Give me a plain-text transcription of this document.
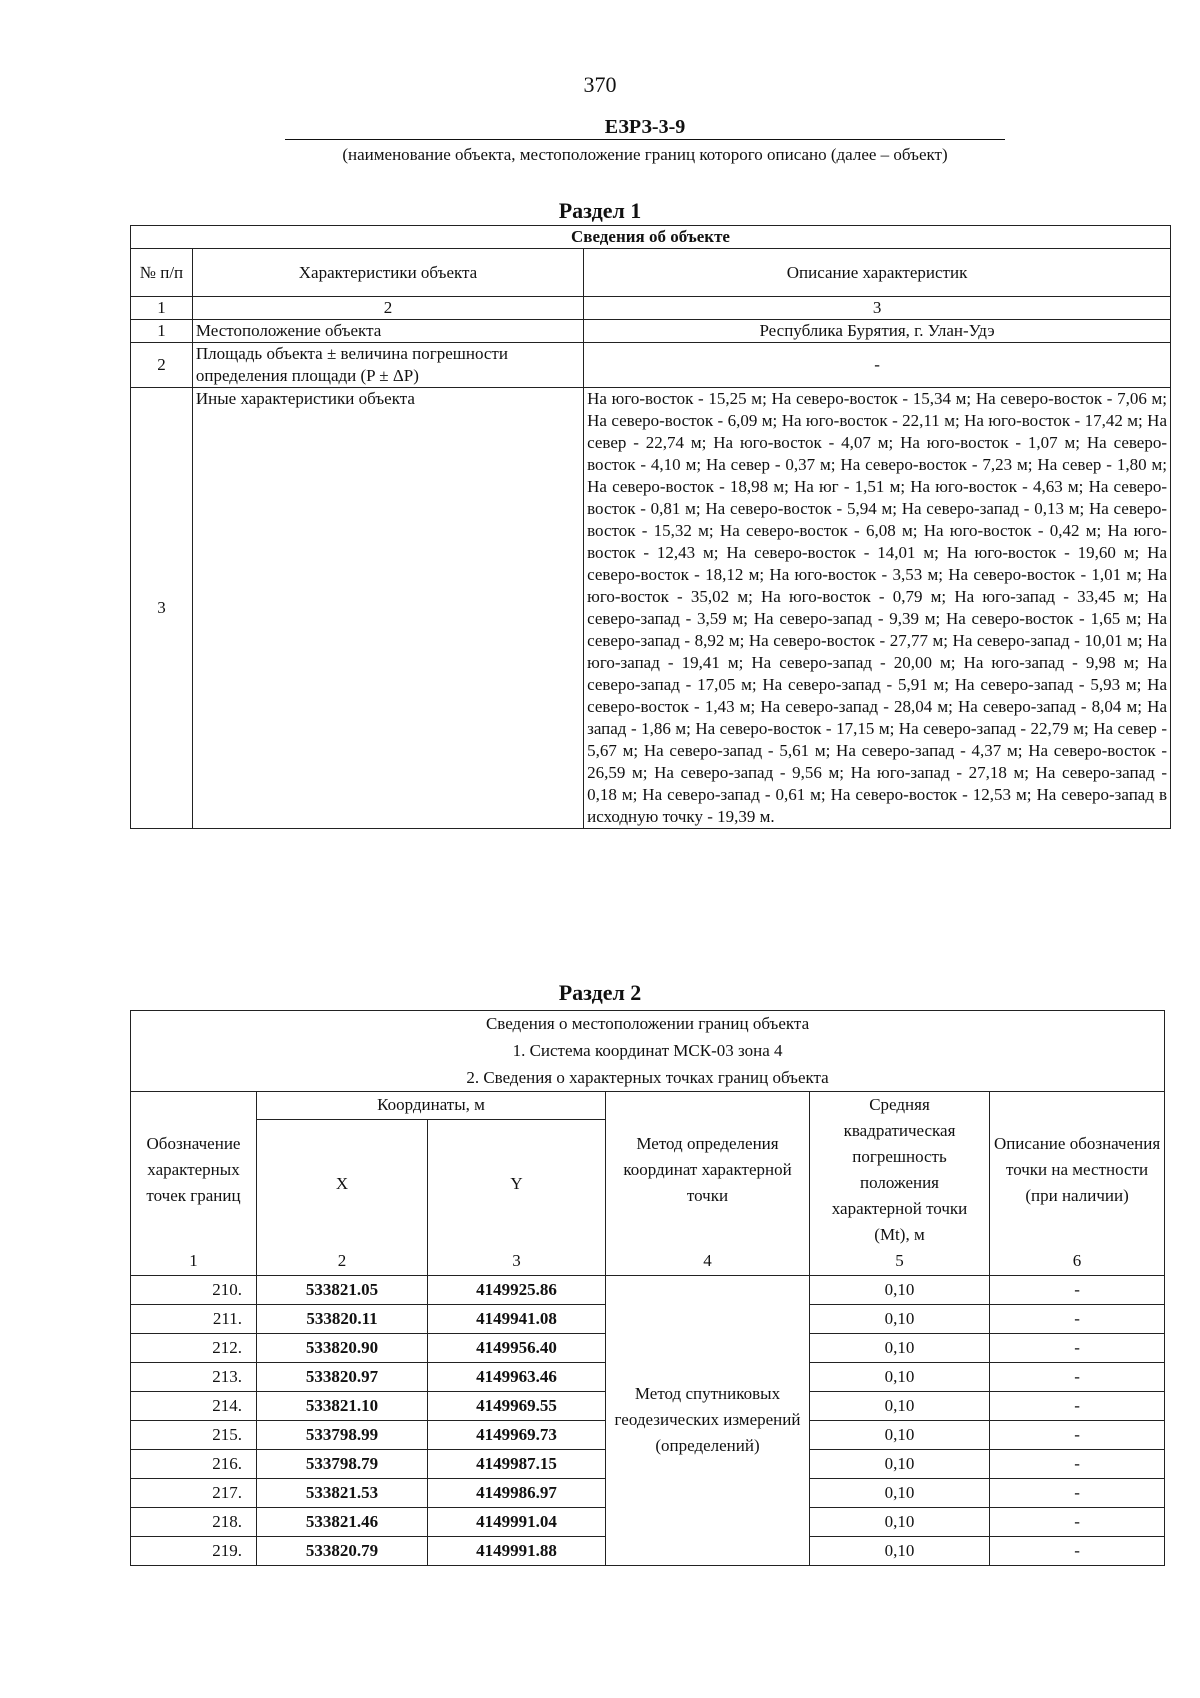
370
ЕЗРЗ-3-9
(наименование объекта, местоположение границ которого описано (далее – объект)
Раздел 1
Сведения об объекте		
№ п/п	Характеристики объекта	Описание характеристик
1	2	3
1	Местоположение объекта	Республика Бурятия, г. Улан-Удэ
2	Площадь объекта ± величина погрешности определения площади (P ± ΔP)	-
3	Иные характеристики объекта	На юго-восток - 15,25 м; На северо-восток - 15,34 м; На северо-восток - 7,06 м; На северо-восток - 6,09 м; На юго-восток - 22,11 м; На юго-восток - 17,42 м; На север - 22,74 м; На юго-восток - 4,07 м; На юго-восток - 1,07 м; На северо-восток - 4,10 м; На север - 0,37 м; На северо-восток - 7,23 м; На север - 1,80 м; На северо-восток - 18,98 м; На юг - 1,51 м; На юго-восток - 4,63 м; На северо-восток - 0,81 м; На северо-восток - 5,94 м; На северо-запад - 0,13 м; На северо-восток - 15,32 м; На северо-восток - 6,08 м; На юго-восток - 0,42 м; На юго-восток - 12,43 м; На северо-восток - 14,01 м; На юго-восток - 19,60 м; На северо-восток - 18,12 м; На юго-восток - 3,53 м; На северо-восток - 1,01 м; На юго-восток - 35,02 м; На юго-восток - 0,79 м; На юго-запад - 33,45 м; На северо-запад - 3,59 м; На северо-запад - 9,39 м; На северо-восток - 1,65 м; На северо-запад - 8,92 м; На северо-восток - 27,77 м; На северо-запад - 10,01 м; На юго-запад - 19,41 м; На северо-запад - 20,00 м; На юго-запад - 9,98 м; На северо-запад - 17,05 м; На северо-запад - 5,91 м; На северо-запад - 5,93 м; На северо-восток - 1,43 м; На северо-запад - 28,04 м; На северо-запад - 8,04 м; На запад - 1,86 м; На северо-восток - 17,15 м; На северо-запад - 22,79 м; На север - 5,67 м; На северо-запад - 5,61 м; На северо-запад - 4,37 м; На северо-восток - 26,59 м; На северо-запад - 9,56 м; На юго-запад - 27,18 м; На северо-запад - 0,18 м; На северо-запад - 0,61 м; На северо-восток - 12,53 м; На северо-запад в исходную точку - 19,39 м.
Раздел 2
Сведения о местоположении границ объекта					
1. Система координат МСК-03 зона 4					
2. Сведения о характерных точках границ объекта					
Обозначение характерных точек границ	Координаты, м		Метод определения координат характерной точки	Средняя квадратическая погрешность положения характерной точки (Mt), м	Описание обозначения точки на местности (при наличии)
	X	Y			
1	2	3	4	5	6
210.	533821.05	4149925.86	Метод спутниковых геодезических измерений (определений)	0,10	-
211.	533820.11	4149941.08		0,10	-
212.	533820.90	4149956.40		0,10	-
213.	533820.97	4149963.46		0,10	-
214.	533821.10	4149969.55		0,10	-
215.	533798.99	4149969.73		0,10	-
216.	533798.79	4149987.15		0,10	-
217.	533821.53	4149986.97		0,10	-
218.	533821.46	4149991.04		0,10	-
219.	533820.79	4149991.88		0,10	-
